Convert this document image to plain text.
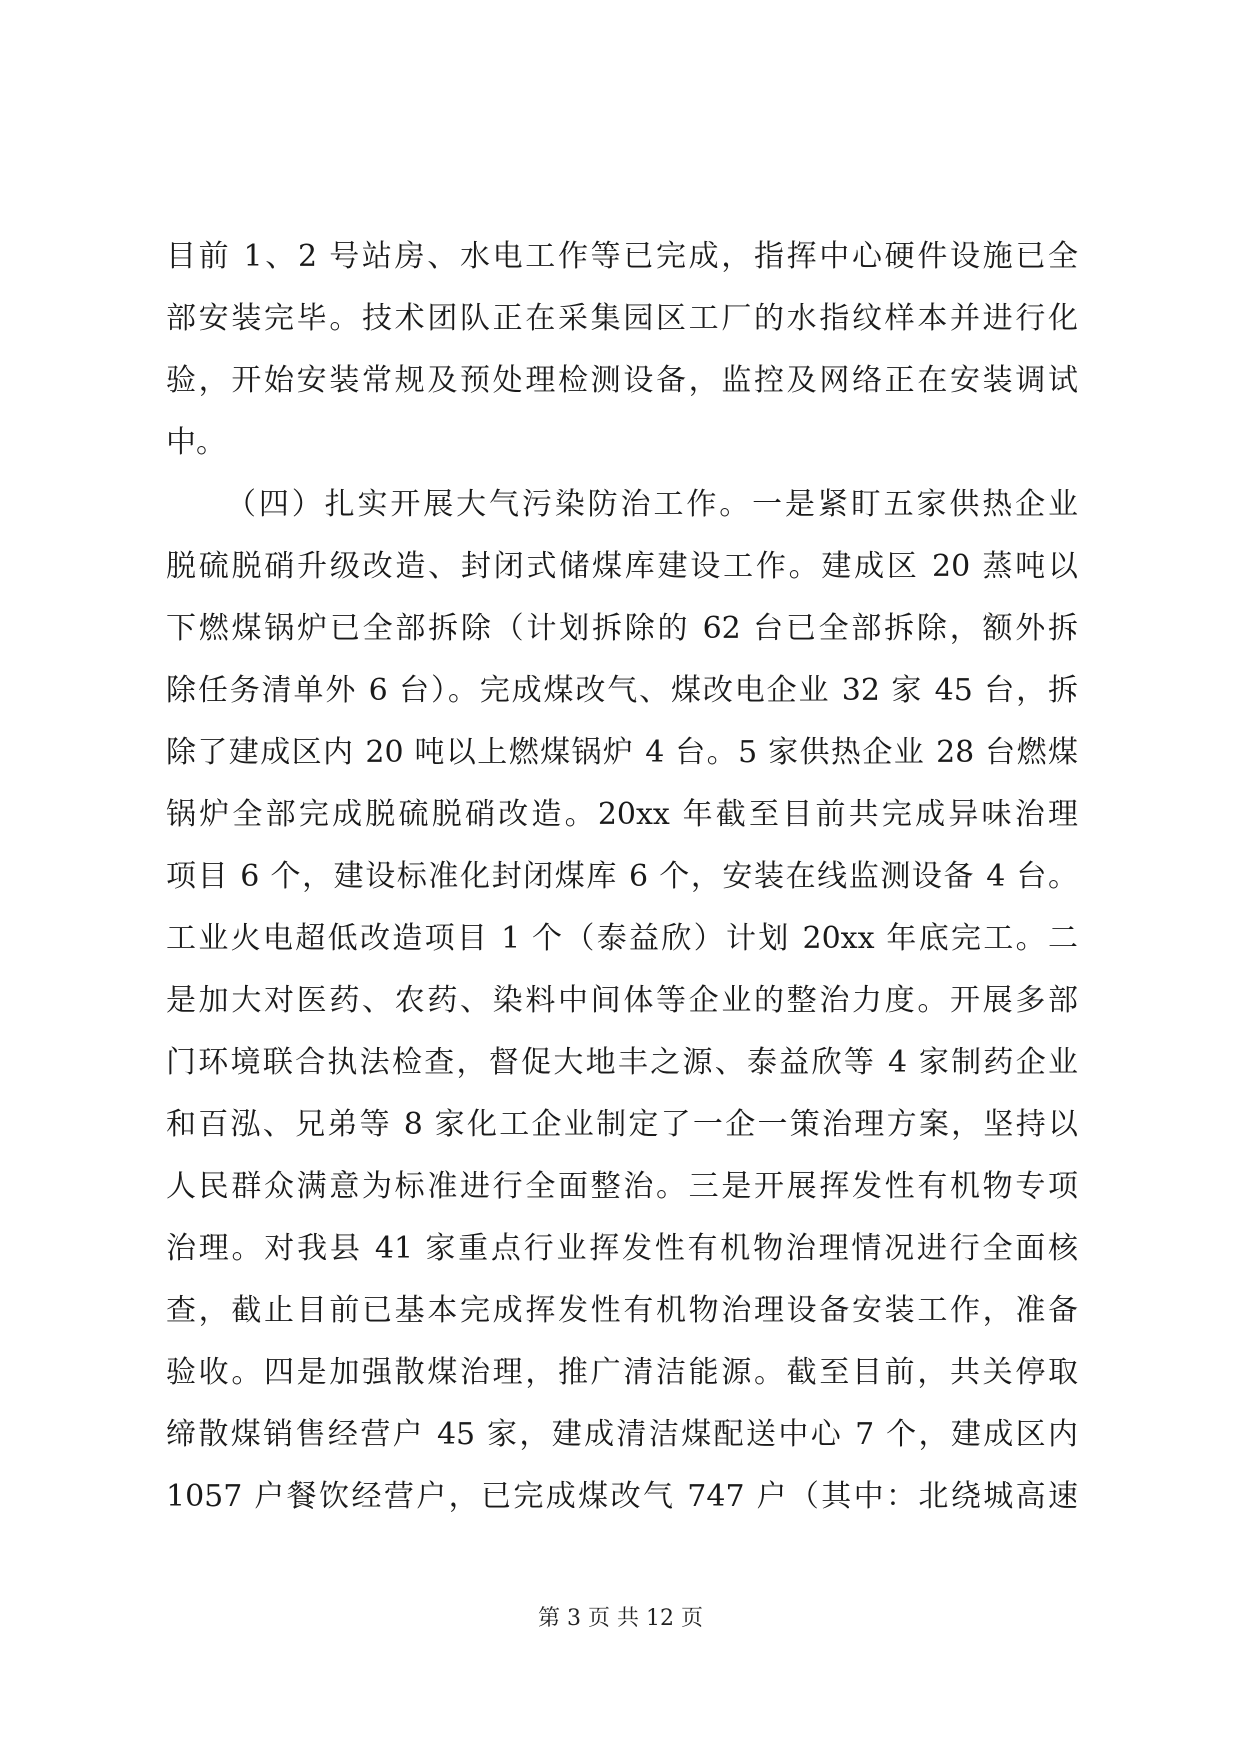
目前 1、2 号站房、水电工作等已完成，指挥中心硬件设施已全
部安装完毕。技术团队正在采集园区工厂的水指纹样本并进行化
验，开始安装常规及预处理检测设备，监控及网络正在安装调试
中。
（四）扎实开展大气污染防治工作。一是紧盯五家供热企业
脱硫脱硝升级改造、封闭式储煤库建设工作。建成区 20 蒸吨以
下燃煤锅炉已全部拆除（计划拆除的 62 台已全部拆除，额外拆
除任务清单外 6 台）。完成煤改气、煤改电企业 32 家 45 台，拆
除了建成区内 20 吨以上燃煤锅炉 4 台。5 家供热企业 28 台燃煤
锅炉全部完成脱硫脱硝改造。20xx 年截至目前共完成异味治理
项目 6 个，建设标准化封闭煤库 6 个，安装在线监测设备 4 台。
工业火电超低改造项目 1 个（泰益欣）计划 20xx 年底完工。二
是加大对医药、农药、染料中间体等企业的整治力度。开展多部
门环境联合执法检查，督促大地丰之源、泰益欣等 4 家制药企业
和百泓、兄弟等 8 家化工企业制定了一企一策治理方案，坚持以
人民群众满意为标准进行全面整治。三是开展挥发性有机物专项
治理。对我县 41 家重点行业挥发性有机物治理情况进行全面核
查，截止目前已基本完成挥发性有机物治理设备安装工作，准备
验收。四是加强散煤治理，推广清洁能源。截至目前，共关停取
缔散煤销售经营户 45 家，建成清洁煤配送中心 7 个，建成区内
1057 户餐饮经营户，已完成煤改气 747 户（其中：北绕城高速
第 3 页 共 12 页
